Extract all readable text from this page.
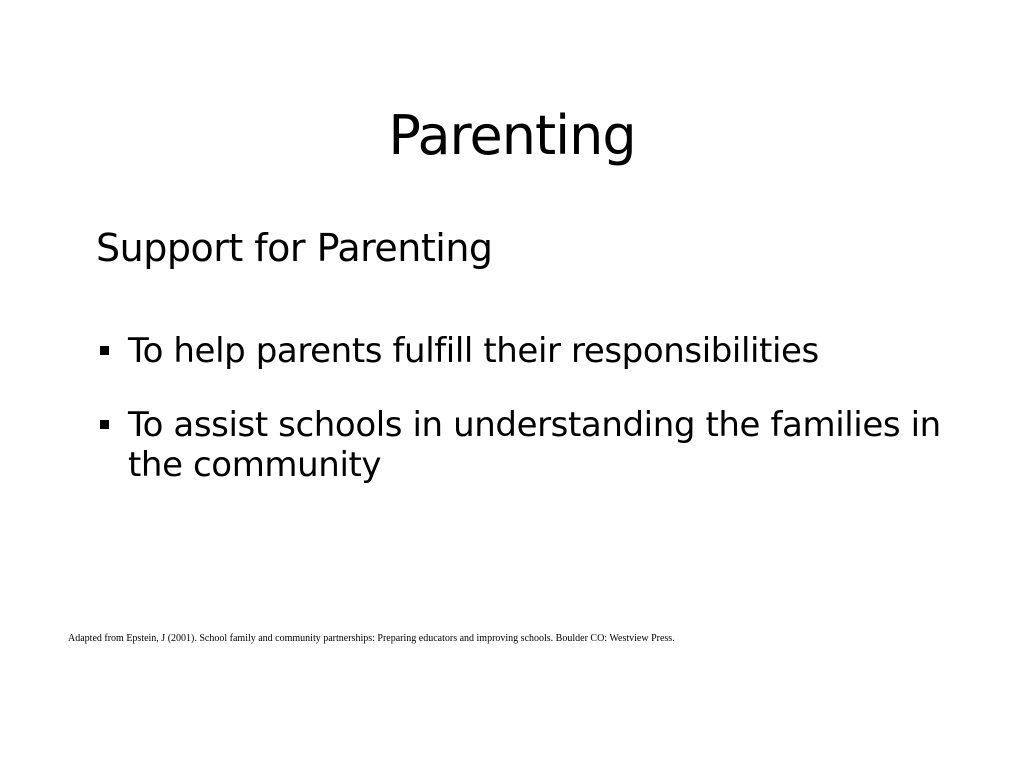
Parenting
Support for Parenting
To help parents fulfill their responsibilities
To assist schools in understanding the families in the community
Adapted from Epstein, J (2001). School family and community partnerships: Preparing educators and improving schools. Boulder CO: Westview Press.
